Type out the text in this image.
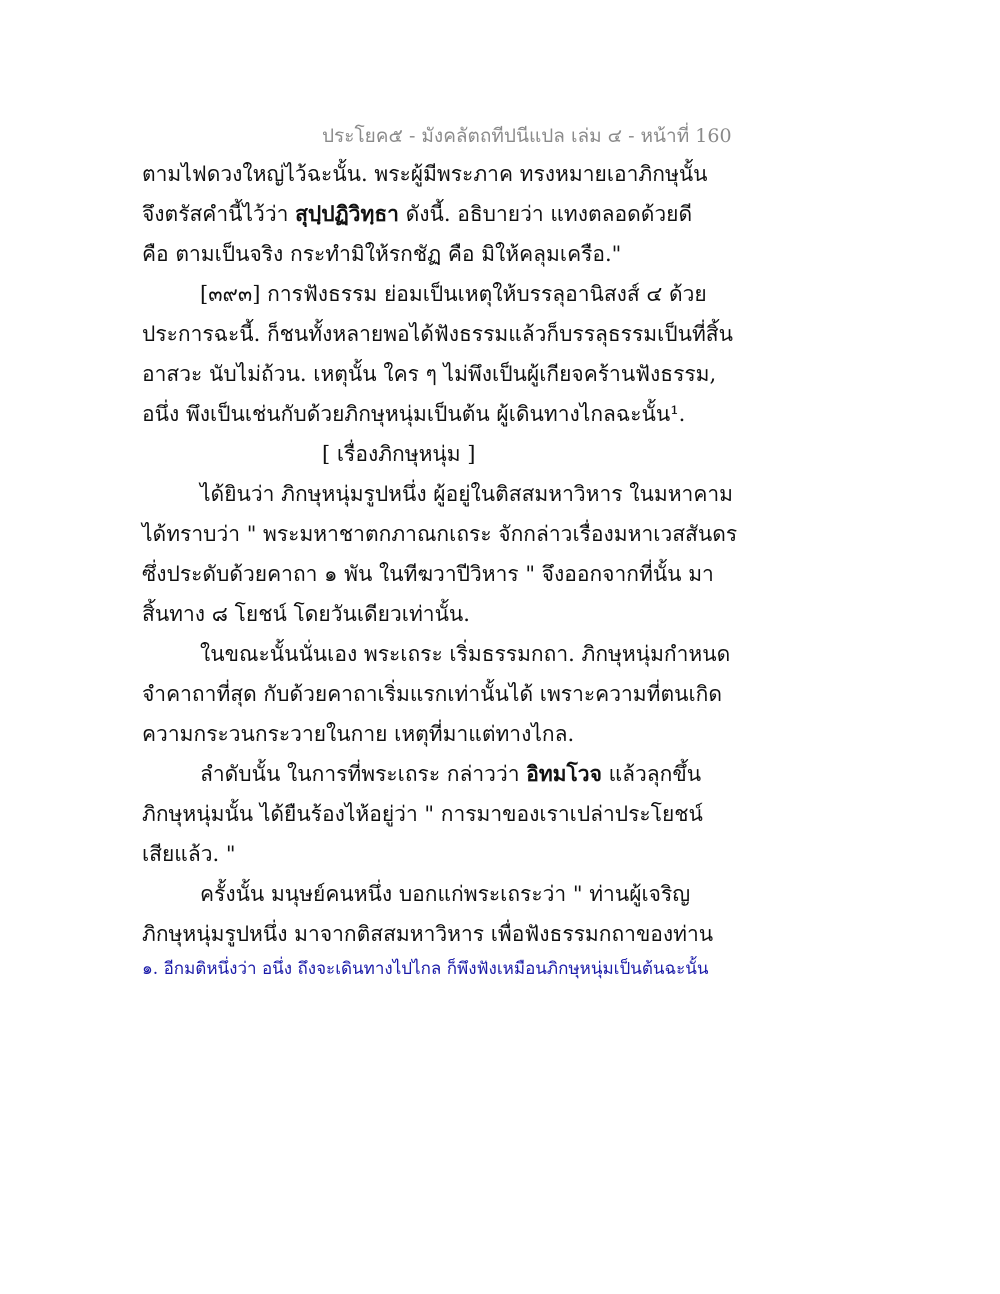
ประโยค๕ - มังคลัตถทีปนีแปล เล่ม ๔ - หน้าที่ 160
ตามไฟดวงใหญ่ไว้ฉะนั้น. พระผู้มีพระภาค ทรงหมายเอาภิกษุนั้น
จึงตรัสคำนี้ไว้ว่า สุปฺปฏิวิทฺธา ดังนี้. อธิบายว่า แทงตลอดด้วยดี
คือ ตามเป็นจริง กระทำมิให้รกชัฏ คือ มิให้คลุมเครือ."
[๓๙๓] การฟังธรรม ย่อมเป็นเหตุให้บรรลุอานิสงส์ ๔ ด้วย
ประการฉะนี้. ก็ชนทั้งหลายพอได้ฟังธรรมแล้วก็บรรลุธรรมเป็นที่สิ้น
อาสวะ นับไม่ถ้วน. เหตุนั้น ใคร ๆ ไม่พึงเป็นผู้เกียจคร้านฟังธรรม,
อนึ่ง พึงเป็นเช่นกับด้วยภิกษุหนุ่มเป็นต้น ผู้เดินทางไกลฉะนั้น¹.
[ เรื่องภิกษุหนุ่ม ]
ได้ยินว่า ภิกษุหนุ่มรูปหนึ่ง ผู้อยู่ในติสสมหาวิหาร ในมหาคาม
ได้ทราบว่า " พระมหาชาตกภาณกเถระ จักกล่าวเรื่องมหาเวสสันดร
ซึ่งประดับด้วยคาถา ๑ พัน ในทีฆวาปีวิหาร " จึงออกจากที่นั้น มา
สิ้นทาง ๘ โยชน์ โดยวันเดียวเท่านั้น.
ในขณะนั้นนั่นเอง พระเถระ เริ่มธรรมกถา. ภิกษุหนุ่มกำหนด
จำคาถาที่สุด กับด้วยคาถาเริ่มแรกเท่านั้นได้ เพราะความที่ตนเกิด
ความกระวนกระวายในกาย เหตุที่มาแต่ทางไกล.
ลำดับนั้น ในการที่พระเถระ กล่าวว่า อิทมโวจ แล้วลุกขึ้น
ภิกษุหนุ่มนั้น ได้ยืนร้องไห้อยู่ว่า " การมาของเราเปล่าประโยชน์
เสียแล้ว. "
ครั้งนั้น มนุษย์คนหนึ่ง บอกแก่พระเถระว่า " ท่านผู้เจริญ
ภิกษุหนุ่มรูปหนึ่ง มาจากติสสมหาวิหาร เพื่อฟังธรรมกถาของท่าน
๑. อีกมติหนึ่งว่า อนึ่ง ถึงจะเดินทางไปไกล ก็พึงฟังเหมือนภิกษุหนุ่มเป็นต้นฉะนั้น
